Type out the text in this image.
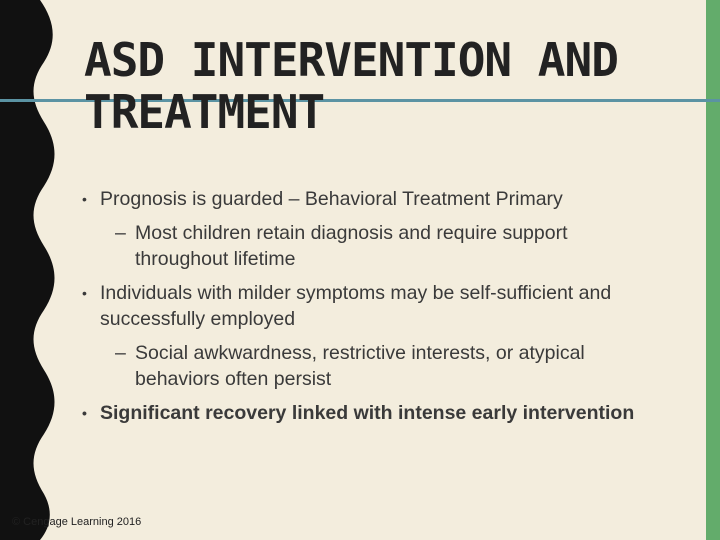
ASD INTERVENTION AND
TREATMENT
• Prognosis is guarded – Behavioral Treatment Primary
– Most children retain diagnosis and require support throughout lifetime
• Individuals with milder symptoms may be self-sufficient and successfully employed
– Social awkwardness, restrictive interests, or atypical behaviors often persist
• Significant recovery linked with intense early intervention

© Cengage Learning 2016
